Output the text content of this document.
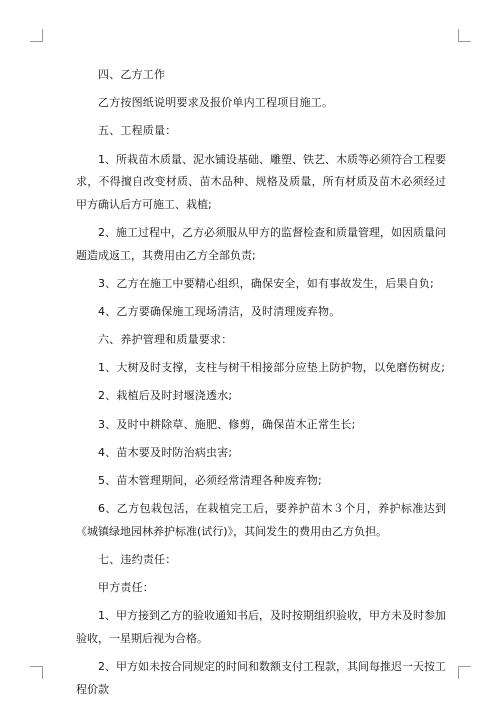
四、乙方工作

乙方按图纸说明要求及报价单内工程项目施工。

五、工程质量：

1、所栽苗木质量、泥水铺设基础、雕塑、铁艺、木质等必须符合工程要求，不得擅自改变材质、苗木品种、规格及质量，所有材质及苗木必须经过甲方确认后方可施工、栽植;

2、施工过程中，乙方必须服从甲方的监督检查和质量管理，如因质量问题造成返工，其费用由乙方全部负责;

3、乙方在施工中要精心组织，确保安全，如有事故发生，后果自负;

4、乙方要确保施工现场清洁，及时清理废弃物。

六、养护管理和质量要求：

1、大树及时支撑，支柱与树干相接部分应垫上防护物，以免磨伤树皮;

2、栽植后及时封堰浇透水;

3、及时中耕除草、施肥、修剪，确保苗木正常生长;

4、苗木要及时防治病虫害;

5、苗木管理期间，必须经常清理各种废弃物;

6、乙方包栽包活，在栽植完工后，要养护苗木３个月，养护标准达到《城镇绿地园林养护标准(试行)》，其间发生的费用由乙方负担。

七、违约责任：

甲方责任：

1、甲方接到乙方的验收通知书后，及时按期组织验收，甲方未及时参加验收，一星期后视为合格。

2、甲方如未按合同规定的时间和数额支付工程款，其间每推迟一天按工程价款
